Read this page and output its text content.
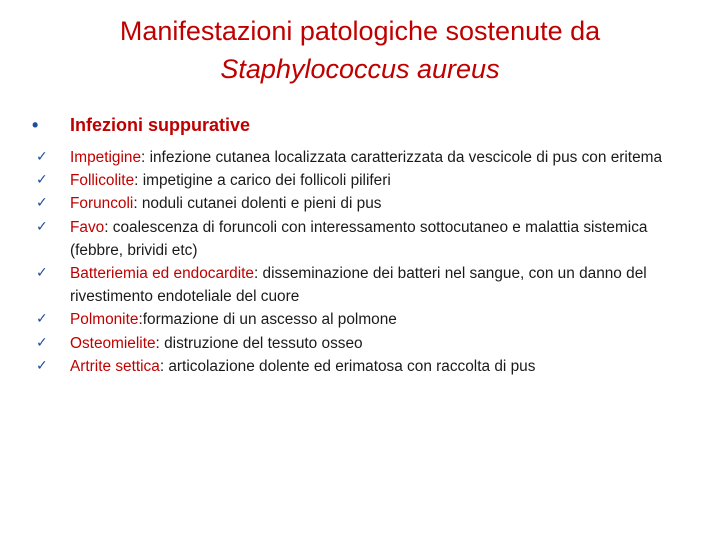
Manifestazioni patologiche sostenute da
Staphylococcus aureus
• Infezioni suppurative
✓	Impetigine: infezione cutanea localizzata caratterizzata da vescicole di pus con eritema
✓	Follicolite: impetigine a carico dei follicoli piliferi
✓	Foruncoli: noduli cutanei dolenti e pieni di pus
✓	Favo: coalescenza di foruncoli con interessamento sottocutaneo e malattia sistemica (febbre, brividi etc)
✓	Batteriemia ed endocardite: disseminazione dei batteri nel sangue, con un danno del rivestimento endoteliale del cuore
✓	Polmonite:formazione di un ascesso al polmone
✓	Osteomielite: distruzione del tessuto osseo
✓	Artrite settica: articolazione dolente ed erimatosa con raccolta di pus
